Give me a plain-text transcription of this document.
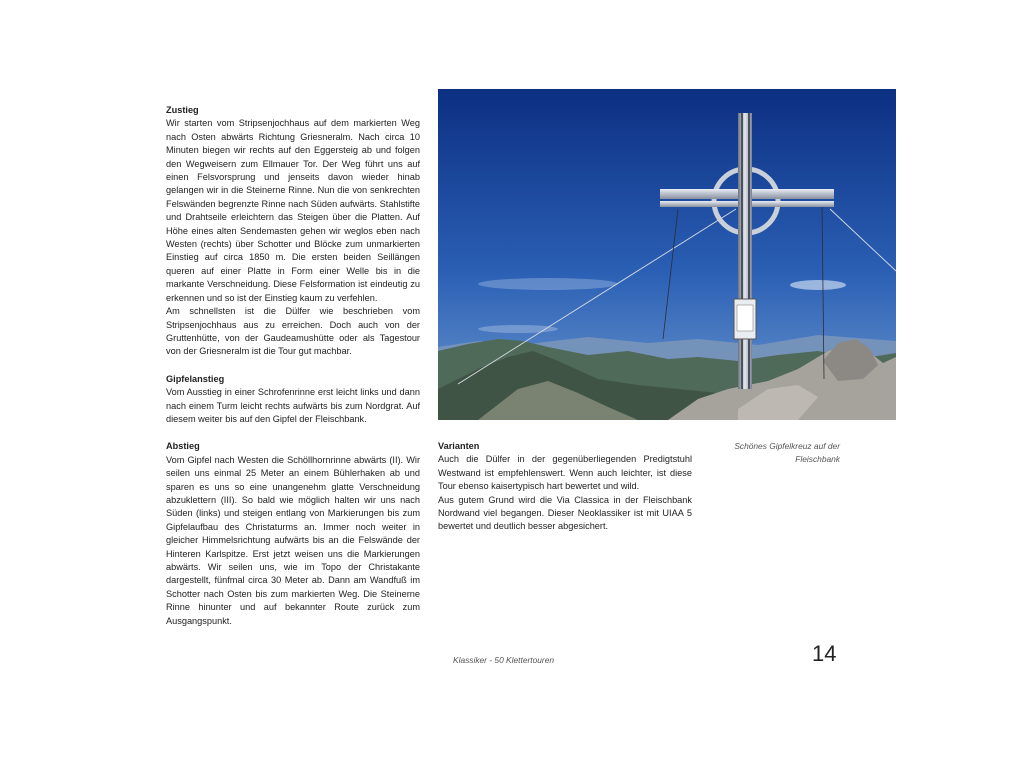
Zustieg

Wir starten vom Stripsenjochhaus auf dem markierten Weg nach Osten abwärts Richtung Griesneralm. Nach circa 10 Minuten biegen wir rechts auf den Eggersteig ab und folgen den Wegweisern zum Ellmauer Tor. Der Weg führt uns auf einen Felsvorsprung und jenseits davon wieder hinab gelangen wir in die Steinerne Rinne. Nun die von senkrechten Felswänden begrenzte Rinne nach Süden aufwärts. Stahlstifte und Drahtseile erleichtern das Steigen über die Platten. Auf Höhe eines alten Sendemasten gehen wir weglos eben nach Westen (rechts) über Schotter und Blöcke zum unmarkierten Einstieg auf circa 1850 m. Die ersten beiden Seillängen queren auf einer Platte in Form einer Welle bis in die markante Verschneidung. Diese Felsformation ist eindeutig zu erkennen und so ist der Einstieg kaum zu verfehlen.

Am schnellsten ist die Dülfer wie beschrieben vom Stripsenjochhaus aus zu erreichen. Doch auch von der Gruttenhütte, von der Gaudeamushütte oder als Tagestour von der Griesneralm ist die Tour gut machbar.

Gipfelanstieg

Vom Ausstieg in einer Schrofenrinne erst leicht links und dann nach einem Turm leicht rechts aufwärts bis zum Nordgrat. Auf diesem weiter bis auf den Gipfel der Fleischbank.

Abstieg

Vom Gipfel nach Westen die Schöllhornrinne abwärts (II). Wir seilen uns einmal 25 Meter an einem Bühlerhaken ab und sparen es uns so eine unangenehm glatte Verschneidung abzuklettern (III). So bald wie möglich halten wir uns nach Süden (links) und steigen entlang von Markierungen bis zum Gipfelaufbau des Christaturms an. Immer noch weiter in gleicher Himmelsrichtung aufwärts bis an die Felswände der Hinteren Karlspitze. Erst jetzt weisen uns die Markierungen abwärts. Wir seilen uns, wie im Topo der Christakante dargestellt, fünfmal circa 30 Meter ab. Dann am Wandfuß im Schotter nach Osten bis zum markierten Weg. Die Steinerne Rinne hinunter und auf bekannter Route zurück zum Ausgangspunkt.

Schönes Gipfelkreuz auf der Fleischbank
Varianten

Auch die Dülfer in der gegenüberliegenden Predigtstuhl Westwand ist empfehlenswert. Wenn auch leichter, ist diese Tour ebenso kaisertypisch hart bewertet und wild.

Aus gutem Grund wird die Via Classica in der Fleischbank Nordwand viel begangen. Dieser Neoklassiker ist mit UIAA 5 bewertet und deutlich besser abgesichert.

Klassiker - 50 Klettertouren	14
